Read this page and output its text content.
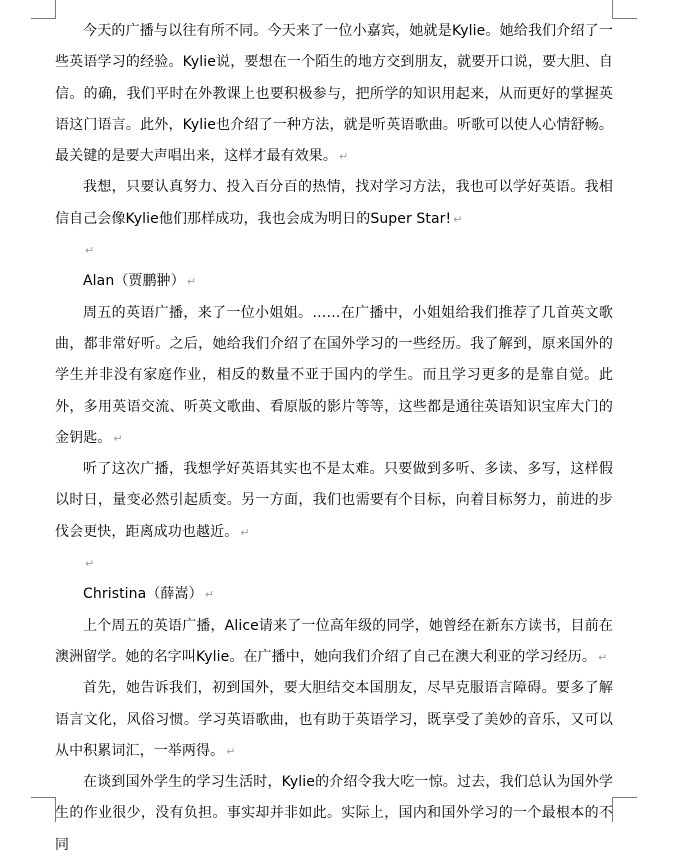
今天的广播与以往有所不同。今天来了一位小嘉宾，她就是Kylie。她给我们介绍了一些英语学习的经验。Kylie说，要想在一个陌生的地方交到朋友，就要开口说，要大胆、自信。的确，我们平时在外教课上也要积极参与，把所学的知识用起来，从而更好的掌握英语这门语言。此外，Kylie也介绍了一种方法，就是听英语歌曲。听歌可以使人心情舒畅。最关键的是要大声唱出来，这样才最有效果。 ↵

我想，只要认真努力、投入百分百的热情，找对学习方法，我也可以学好英语。我相信自己会像Kylie他们那样成功，我也会成为明日的Super Star! ↵

↵

Alan（贾鹏翀） ↵

周五的英语广播，来了一位小姐姐。……在广播中，小姐姐给我们推荐了几首英文歌曲，都非常好听。之后，她给我们介绍了在国外学习的一些经历。我了解到，原来国外的学生并非没有家庭作业，相反的数量不亚于国内的学生。而且学习更多的是靠自觉。此外，多用英语交流、听英文歌曲、看原版的影片等等，这些都是通往英语知识宝库大门的金钥匙。 ↵

听了这次广播，我想学好英语其实也不是太难。只要做到多听、多读、多写，这样假以时日，量变必然引起质变。另一方面，我们也需要有个目标，向着目标努力，前进的步伐会更快，距离成功也越近。 ↵

↵

Christina（薛嵩） ↵

上个周五的英语广播，Alice请来了一位高年级的同学，她曾经在新东方读书，目前在澳洲留学。她的名字叫Kylie。在广播中，她向我们介绍了自己在澳大利亚的学习经历。 ↵

首先，她告诉我们，初到国外，要大胆结交本国朋友，尽早克服语言障碍。要多了解语言文化，风俗习惯。学习英语歌曲，也有助于英语学习，既享受了美妙的音乐，又可以从中积累词汇，一举两得。 ↵

在谈到国外学生的学习生活时，Kylie的介绍令我大吃一惊。过去，我们总认为国外学生的作业很少，没有负担。事实却并非如此。实际上，国内和国外学习的一个最根本的不同
